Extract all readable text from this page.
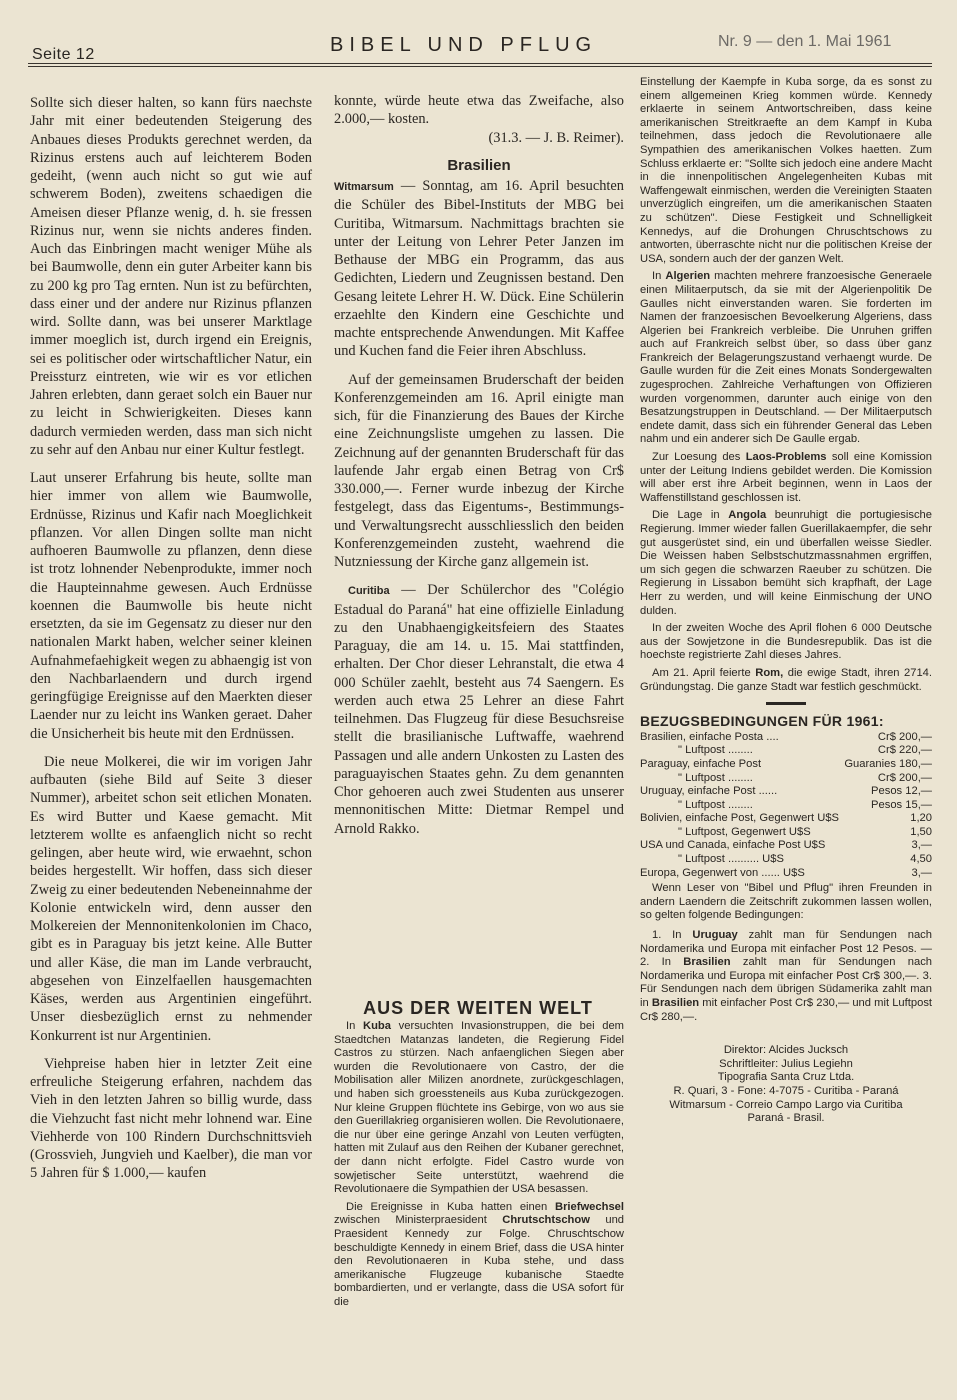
Seite 12	BIBEL UND PFLUG	Nr. 9 — den 1. Mai 1961

Sollte sich dieser halten, so kann fürs naechste Jahr mit einer bedeutenden Steigerung des Anbaues dieses Produkts gerechnet werden, da Rizinus erstens auch auf leichterem Boden gedeiht, (wenn auch nicht so gut wie auf schwerem Boden), zweitens schaedigen die Ameisen dieser Pflanze wenig, d. h. sie fressen Rizinus nur, wenn sie nichts anderes finden. Auch das Einbringen macht weniger Mühe als bei Baumwolle, denn ein guter Arbeiter kann bis zu 200 kg pro Tag ernten. Nun ist zu befürchten, dass einer und der andere nur Rizinus pflanzen wird. Sollte dann, was bei unserer Marktlage immer moeglich ist, durch irgend ein Ereignis, sei es politischer oder wirtschaftlicher Natur, ein Preissturz eintreten, wie wir es vor etlichen Jahren erlebten, dann geraet solch ein Bauer nur zu leicht in Schwierigkeiten. Dieses kann dadurch vermieden werden, dass man sich nicht zu sehr auf den Anbau nur einer Kultur festlegt.

Laut unserer Erfahrung bis heute, sollte man hier immer von allem wie Baumwolle, Erdnüsse, Rizinus und Kafir nach Moeglichkeit pflanzen. Vor allen Dingen sollte man nicht aufhoeren Baumwolle zu pflanzen, denn diese ist trotz lohnender Nebenprodukte, immer noch die Haupteinnahme gewesen. Auch Erdnüsse koennen die Baumwolle bis heute nicht ersetzten, da sie im Gegensatz zu dieser nur den nationalen Markt haben, welcher seiner kleinen Aufnahmefaehigkeit wegen zu abhaengig ist von den Nachbarlaendern und durch irgend geringfügige Ereignisse auf den Maerkten dieser Laender nur zu leicht ins Wanken geraet. Daher die Unsicherheit bis heute mit den Erdnüssen.

Die neue Molkerei, die wir im vorigen Jahr aufbauten (siehe Bild auf Seite 3 dieser Nummer), arbeitet schon seit etlichen Monaten. Es wird Butter und Kaese gemacht. Mit letzterem wollte es anfaenglich nicht so recht gelingen, aber heute wird, wie erwaehnt, schon beides hergestellt. Wir hoffen, dass sich dieser Zweig zu einer bedeutenden Nebeneinnahme der Kolonie entwickeln wird, denn ausser den Molkereien der Mennonitenkolonien im Chaco, gibt es in Paraguay bis jetzt keine. Alle Butter und aller Käse, die man im Lande verbraucht, abgesehen von Einzelfaellen hausgemachten Käses, werden aus Argentinien eingeführt. Unser diesbezüglich ernst zu nehmender Konkurrent ist nur Argentinien.

Viehpreise haben hier in letzter Zeit eine erfreuliche Steigerung erfahren, nachdem das Vieh in den letzten Jahren so billig wurde, dass die Viehzucht fast nicht mehr lohnend war. Eine Viehherde von 100 Rindern Durchschnittsvieh (Grossvieh, Jungvieh und Kaelber), die man vor 5 Jahren für $ 1.000,— kaufen

konnte, würde heute etwa das Zweifache, also 2.000,— kosten.

(31.3. — J. B. Reimer).

Brasilien

Witmarsum — Sonntag, am 16. April besuchten die Schüler des Bibel-Instituts der MBG bei Curitiba, Witmarsum. Nachmittags brachten sie unter der Leitung von Lehrer Peter Janzen im Bethause der MBG ein Programm, das aus Gedichten, Liedern und Zeugnissen bestand. Den Gesang leitete Lehrer H. W. Dück. Eine Schülerin erzaehlte den Kindern eine Geschichte und machte entsprechende Anwendungen. Mit Kaffee und Kuchen fand die Feier ihren Abschluss.

Auf der gemeinsamen Bruderschaft der beiden Konferenzgemeinden am 16. April einigte man sich, für die Finanzierung des Baues der Kirche eine Zeichnungsliste umgehen zu lassen. Die Zeichnung auf der genannten Bruderschaft für das laufende Jahr ergab einen Betrag von Cr$ 330.000,—. Ferner wurde inbezug der Kirche festgelegt, dass das Eigentums-, Bestimmungs- und Verwaltungsrecht ausschliesslich den beiden Konferenzgemeinden zusteht, waehrend die Nutzniessung der Kirche ganz allgemein ist.

Curitiba — Der Schülerchor des "Colégio Estadual do Paraná" hat eine offizielle Einladung zu den Unabhaengigkeitsfeiern des Staates Paraguay, die am 14. u. 15. Mai stattfinden, erhalten. Der Chor dieser Lehranstalt, die etwa 4 000 Schüler zaehlt, besteht aus 74 Saengern. Es werden auch etwa 25 Lehrer an diese Fahrt teilnehmen. Das Flugzeug für diese Besuchsreise stellt die brasilianische Luftwaffe, waehrend Passagen und alle andern Unkosten zu Lasten des paraguayischen Staates gehn. Zu dem genannten Chor gehoeren auch zwei Studenten aus unserer mennonitischen Mitte: Dietmar Rempel und Arnold Rakko.

AUS DER WEITEN WELT

In Kuba versuchten Invasionstruppen, die bei dem Staedtchen Matanzas landeten, die Regierung Fidel Castros zu stürzen. Nach anfaenglichen Siegen aber wurden die Revolutionaere von Castro, der die Mobilisation aller Milizen anordnete, zurückgeschlagen, und haben sich groessteneils aus Kuba zurückgezogen. Nur kleine Gruppen flüchtete ins Gebirge, von wo aus sie den Guerillakrieg organisieren wollen. Die Revolutionaere, die nur über eine geringe Anzahl von Leuten verfügten, hatten mit Zulauf aus den Reihen der Kubaner gerechnet, der dann nicht erfolgte. Fidel Castro wurde von sowjetischer Seite unterstützt, waehrend die Revolutionaere die Sympathien der USA besassen.

Die Ereignisse in Kuba hatten einen Briefwechsel zwischen Ministerpraesident Chrutschtschow und Praesident Kennedy zur Folge. Chruschtschow beschuldigte Kennedy in einem Brief, dass die USA hinter den Revolutionaeren in Kuba stehe, und dass amerikanische Flugzeuge kubanische Staedte bombardierten, und er verlangte, dass die USA sofort für die

Einstellung der Kaempfe in Kuba sorge, da es sonst zu einem allgemeinen Krieg kommen würde. Kennedy erklaerte in seinem Antwortschreiben, dass keine amerikanischen Streitkraefte an dem Kampf in Kuba teilnehmen, dass jedoch die Revolutionaere alle Sympathien des amerikanischen Volkes haetten. Zum Schluss erklaerte er: "Sollte sich jedoch eine andere Macht in die innenpolitischen Angelegenheiten Kubas mit Waffengewalt einmischen, werden die Vereinigten Staaten unverzüglich eingreifen, um die amerikanischen Staaten zu schützen". Diese Festigkeit und Schnelligkeit Kennedys, auf die Drohungen Chruschtschows zu antworten, überraschte nicht nur die politischen Kreise der USA, sondern auch der der ganzen Welt.

In Algerien machten mehrere franzoesische Generaele einen Militaerputsch, da sie mit der Algerienpolitik De Gaulles nicht einverstanden waren. Sie forderten im Namen der franzoesischen Bevoelkerung Algeriens, dass Algerien bei Frankreich verbleibe. Die Unruhen griffen auch auf Frankreich selbst über, so dass über ganz Frankreich der Belagerungszustand verhaengt wurde. De Gaulle wurden für die Zeit eines Monats Sondergewalten zugesprochen. Zahlreiche Verhaftungen von Offizieren wurden vorgenommen, darunter auch einige von den Besatzungstruppen in Deutschland. — Der Militaerputsch endete damit, dass sich ein führender General das Leben nahm und ein anderer sich De Gaulle ergab.

Zur Loesung des Laos-Problems soll eine Komission unter der Leitung Indiens gebildet werden. Die Komission will aber erst ihre Arbeit beginnen, wenn in Laos der Waffenstillstand geschlossen ist.

Die Lage in Angola beunruhigt die portugiesische Regierung. Immer wieder fallen Guerillakaempfer, die sehr gut ausgerüstet sind, ein und überfallen weisse Siedler. Die Weissen haben Selbstschutzmassnahmen ergriffen, um sich gegen die schwarzen Raeuber zu schützen. Die Regierung in Lissabon bemüht sich krapfhaft, der Lage Herr zu werden, und will keine Einmischung der UNO dulden.

In der zweiten Woche des April flohen 6 000 Deutsche aus der Sowjetzone in die Bundesrepublik. Das ist die hoechste registrierte Zahl dieses Jahres.

Am 21. April feierte Rom, die ewige Stadt, ihren 2714. Gründungstag. Die ganze Stadt war festlich geschmückt.

BEZUGSBEDINGUNGEN FÜR 1961:
Brasilien, einfache Posta ....	Cr$ 200,—
" Luftpost ........	Cr$ 220,—
Paraguay, einfache Post	Guaranies 180,—
" Luftpost ........	Cr$ 200,—
Uruguay, einfache Post ......	Pesos 12,—
" Luftpost ........	Pesos 15,—
Bolivien, einfache Post, Gegenwert U$S	1,20
" Luftpost, Gegenwert U$S	1,50
USA und Canada, einfache Post U$S	3,—
" Luftpost .......... U$S	4,50
Europa, Gegenwert von ...... U$S	3,—

Wenn Leser von "Bibel und Pflug" ihren Freunden in andern Laendern die Zeitschrift zukommen lassen wollen, so gelten folgende Bedingungen:

1. In Uruguay zahlt man für Sendungen nach Nordamerika und Europa mit einfacher Post 12 Pesos. — 2. In Brasilien zahlt man für Sendungen nach Nordamerika und Europa mit einfacher Post Cr$ 300,—. 3. Für Sendungen nach dem übrigen Südamerika zahlt man in Brasilien mit einfacher Post Cr$ 230,— und mit Luftpost Cr$ 280,—.

Direktor: Alcides Jucksch
Schriftleiter: Julius Legiehn
Tipografia Santa Cruz Ltda.
R. Quari, 3 - Fone: 4-7075 - Curitiba - Paraná
Witmarsum - Correio Campo Largo via Curitiba
Paraná - Brasil.
